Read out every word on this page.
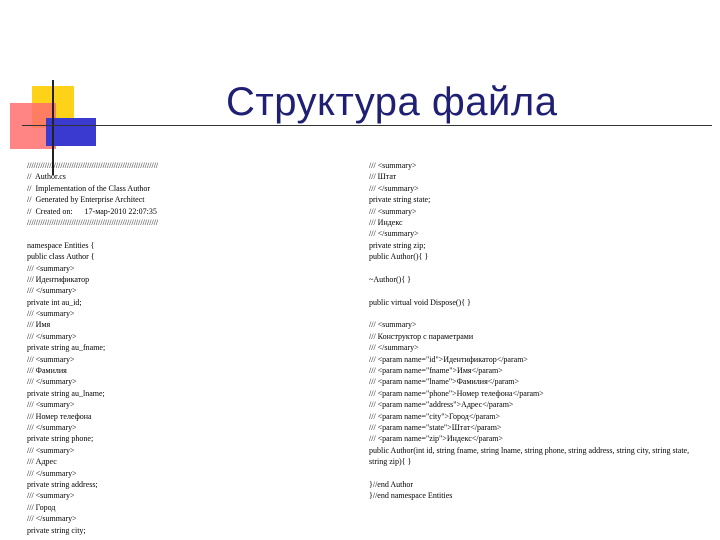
Структура файла
///////////////////////////////////////////////////////////
//  Author.cs
//  Implementation of the Class Author
//  Generated by Enterprise Architect
//  Created on:      17-мар-2010 22:07:35
///////////////////////////////////////////////////////////
namespace Entities {
public class Author {
/// <summary>
/// Идентификатор
/// </summary>
private int au_id;
/// <summary>
/// Имя
/// </summary>
private string au_fname;
/// <summary>
/// Фамилия
/// </summary>
private string au_lname;
/// <summary>
/// Номер телефона
/// </summary>
private string phone;
/// <summary>
/// Адрес
/// </summary>
private string address;
/// <summary>
/// Город
/// </summary>
private string city;
/// <summary>
/// Штат
/// </summary>
private string state;
/// <summary>
/// Индекс
/// </summary>
private string zip;
public Author(){ }
~Author(){ }
public virtual void Dispose(){ }
/// <summary>
/// Конструктор с параметрами
/// </summary>
/// <param name="id">Идентификатор</param>
/// <param name="fname">Имя</param>
/// <param name="lname">Фамилия</param>
/// <param name="phone">Номер телефона</param>
/// <param name="address">Адрес</param>
/// <param name="city">Город</param>
/// <param name="state">Штат</param>
/// <param name="zip">Индекс</param>
public Author(int id, string fname, string lname, string phone, string address, string city, string state,
string zip){ }
}//end Author
}//end namespace Entities
